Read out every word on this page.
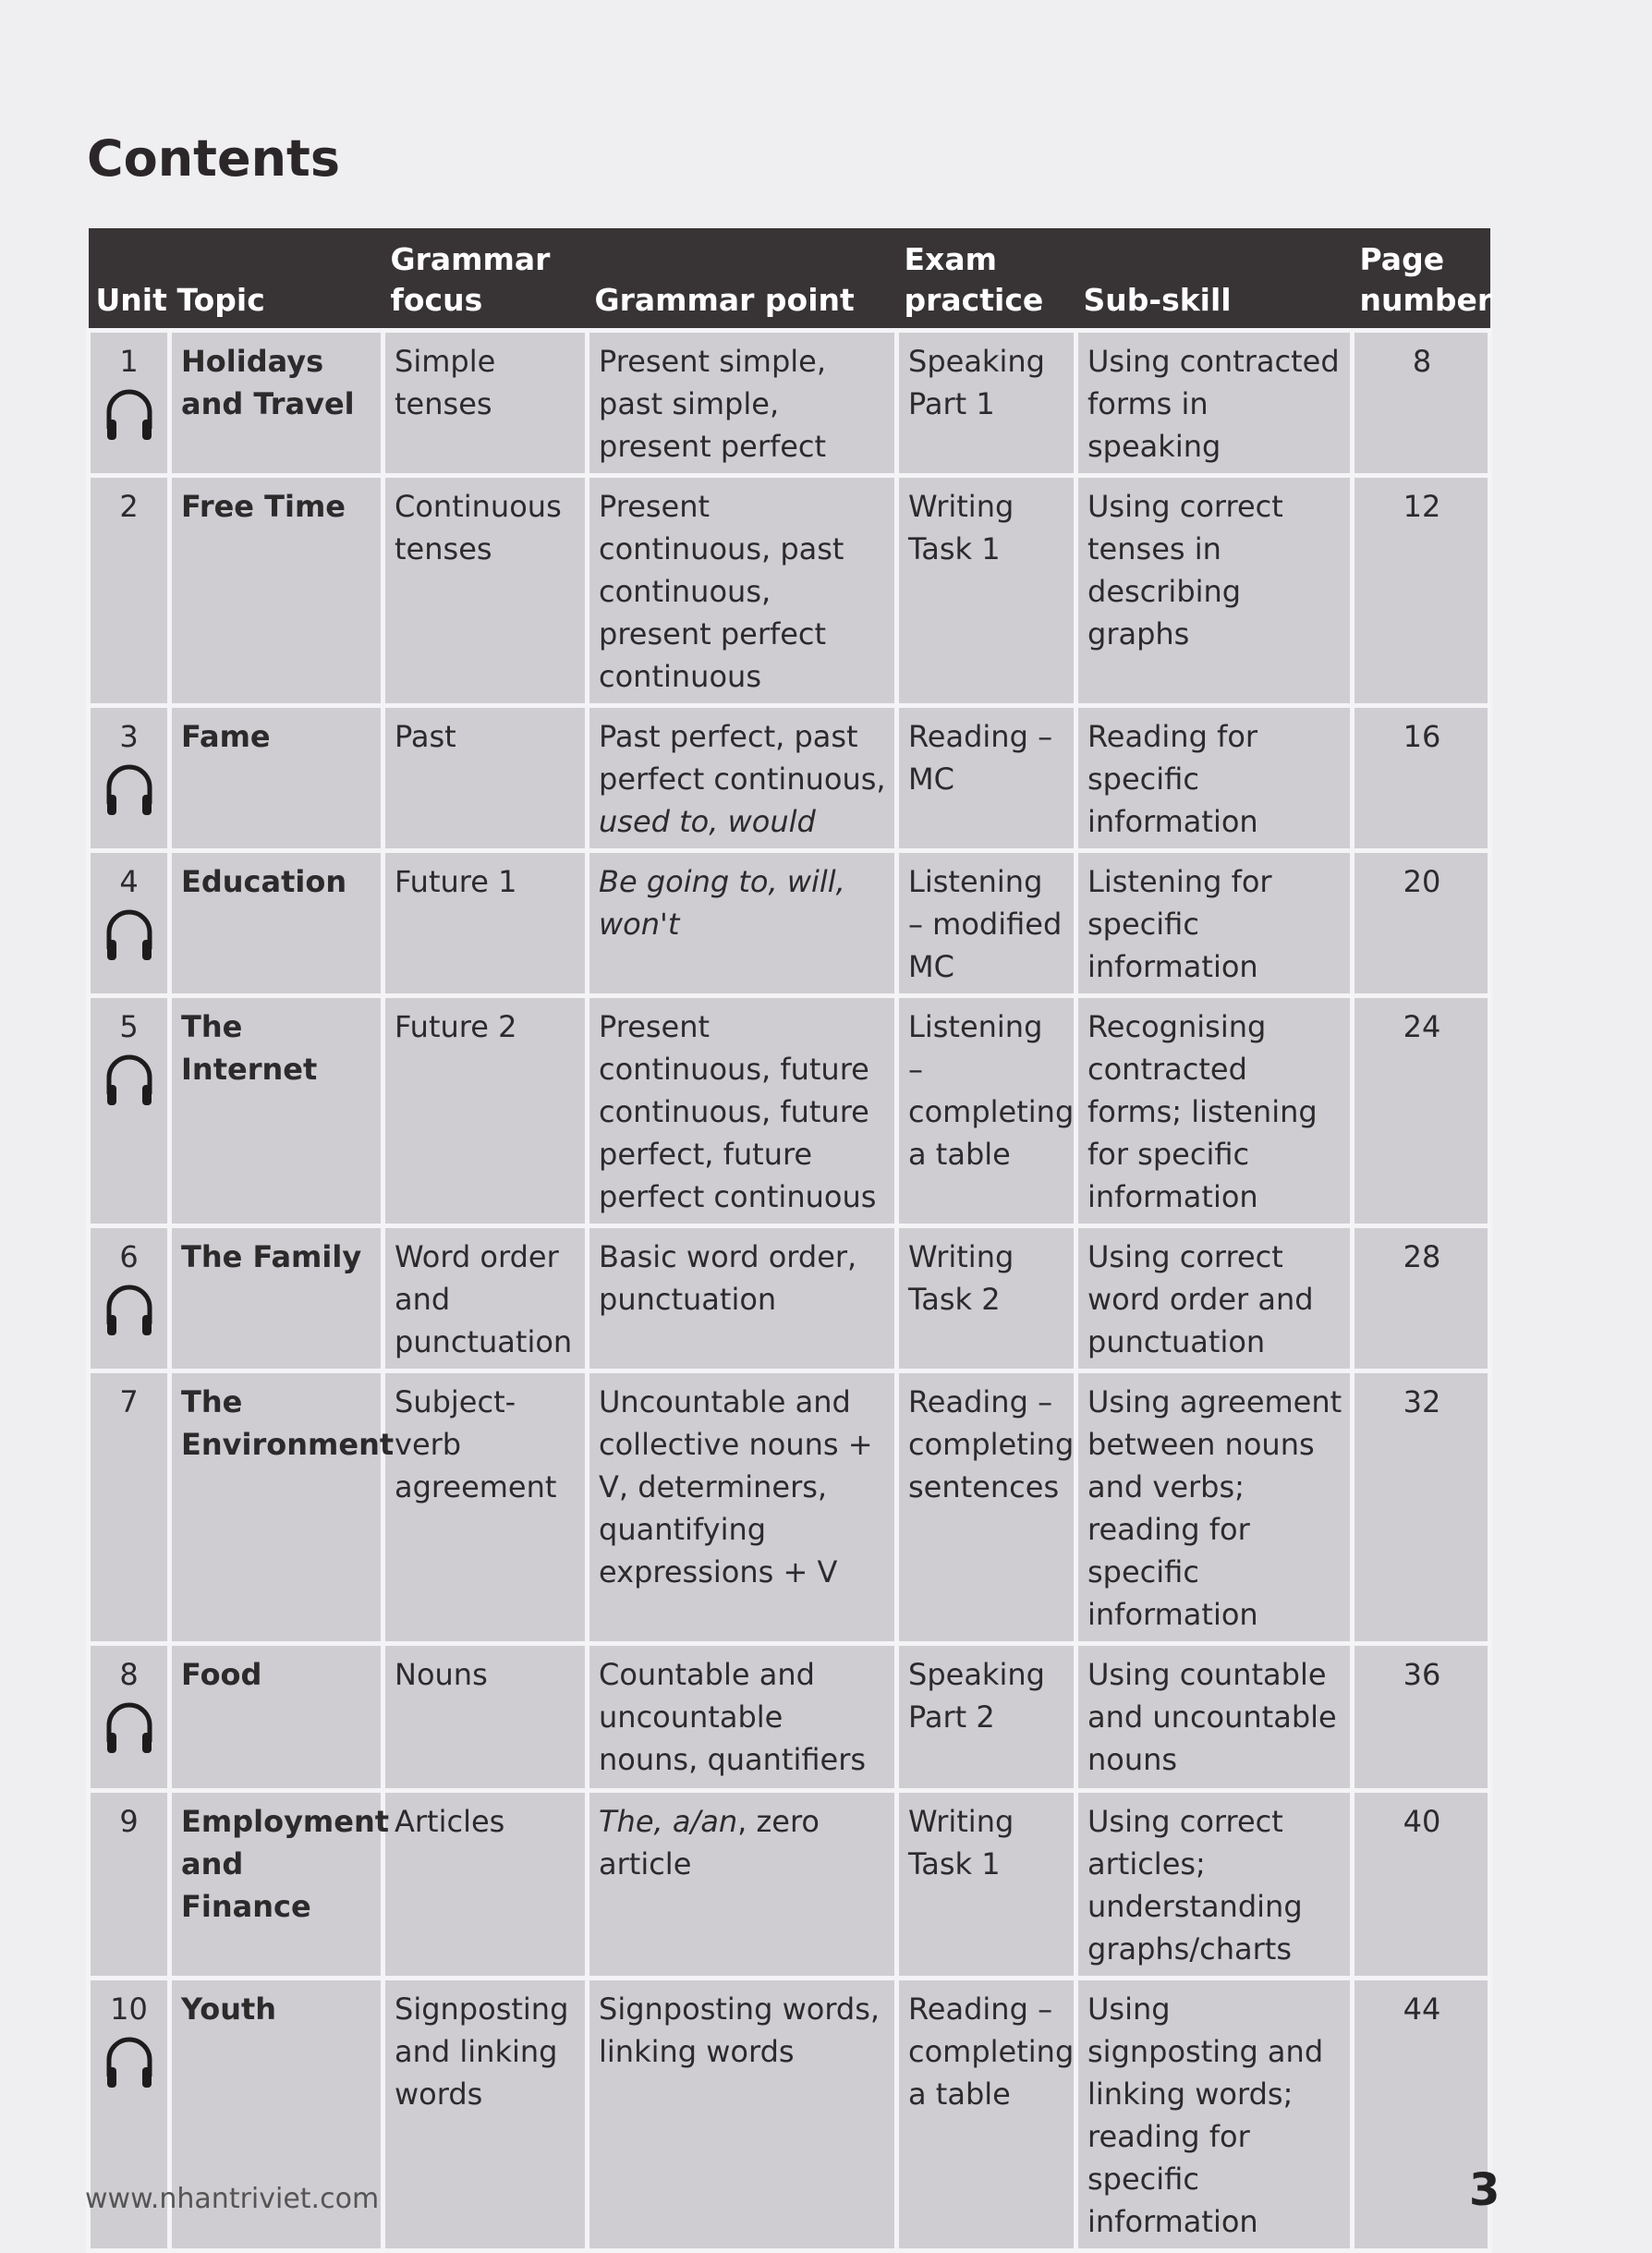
Contents
Unit	Topic	Grammar focus	Grammar point	Exam practice	Sub-skill	Page number
1	Holidays and Travel	Simple tenses	Present simple, past simple, present perfect	Speaking Part 1	Using contracted forms in speaking	8
2	Free Time	Continuous tenses	Present continuous, past continuous, present perfect continuous	Writing Task 1	Using correct tenses in describing graphs	12
3	Fame	Past	Past perfect, past perfect continuous, used to, would	Reading – MC	Reading for specific information	16
4	Education	Future 1	Be going to, will, won't	Listening – modified MC	Listening for specific information	20
5	The Internet	Future 2	Present continuous, future continuous, future perfect, future perfect continuous	Listening – completing a table	Recognising contracted forms; listening for specific information	24
6	The Family	Word order and punctuation	Basic word order, punctuation	Writing Task 2	Using correct word order and punctuation	28
7	The Environment	Subject-verb agreement	Uncountable and collective nouns + V, determiners, quantifying expressions + V	Reading – completing sentences	Using agreement between nouns and verbs; reading for specific information	32
8	Food	Nouns	Countable and uncountable nouns, quantifiers	Speaking Part 2	Using countable and uncountable nouns	36
9	Employment and Finance	Articles	The, a/an, zero article	Writing Task 1	Using correct articles; understanding graphs/charts	40
10	Youth	Signposting and linking words	Signposting words, linking words	Reading – completing a table	Using signposting and linking words; reading for specific information	44
www.nhantriviet.com	3
